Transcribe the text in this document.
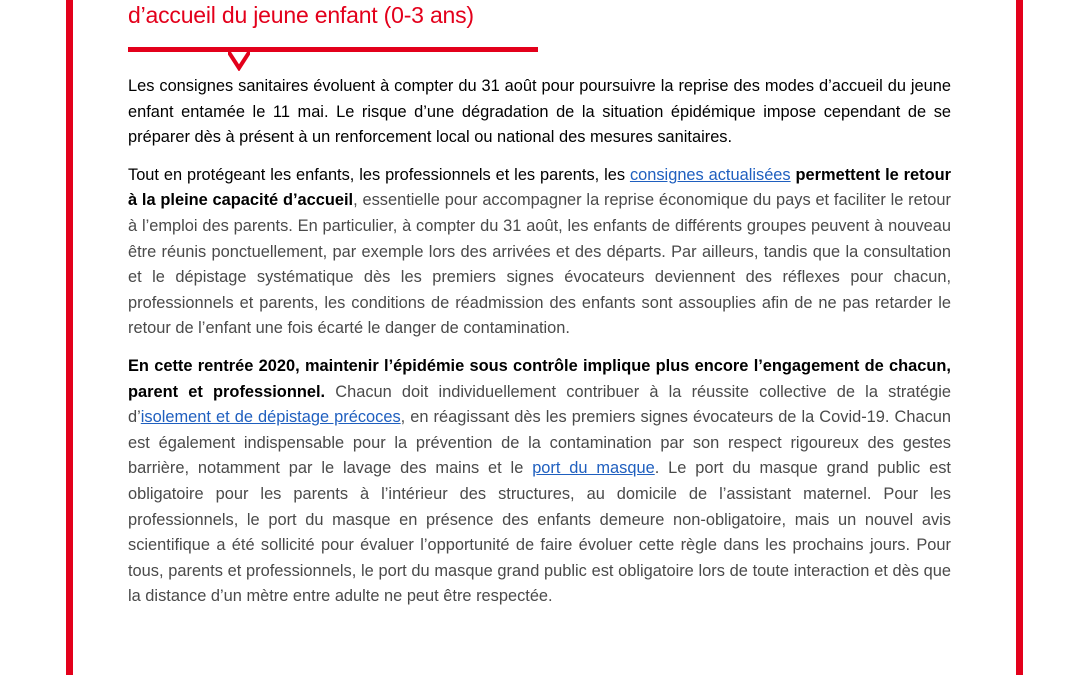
d’accueil du jeune enfant (0-3 ans)

Les consignes sanitaires évoluent à compter du 31 août pour poursuivre la reprise des modes d’accueil du jeune enfant entamée le 11 mai. Le risque d’une dégradation de la situation épidémique impose cependant de se préparer dès à présent à un renforcement local ou national des mesures sanitaires.

Tout en protégeant les enfants, les professionnels et les parents, les consignes actualisées permettent le retour à la pleine capacité d’accueil, essentielle pour accompagner la reprise économique du pays et faciliter le retour à l’emploi des parents. En particulier, à compter du 31 août, les enfants de différents groupes peuvent à nouveau être réunis ponctuellement, par exemple lors des arrivées et des départs. Par ailleurs, tandis que la consultation et le dépistage systématique dès les premiers signes évocateurs deviennent des réflexes pour chacun, professionnels et parents, les conditions de réadmission des enfants sont assouplies afin de ne pas retarder le retour de l’enfant une fois écarté le danger de contamination.

En cette rentrée 2020, maintenir l’épidémie sous contrôle implique plus encore l’engagement de chacun, parent et professionnel. Chacun doit individuellement contribuer à la réussite collective de la stratégie d’isolement et de dépistage précoces, en réagissant dès les premiers signes évocateurs de la Covid-19. Chacun est également indispensable pour la prévention de la contamination par son respect rigoureux des gestes barrière, notamment par le lavage des mains et le port du masque. Le port du masque grand public est obligatoire pour les parents à l’intérieur des structures, au domicile de l’assistant maternel. Pour les professionnels, le port du masque en présence des enfants demeure non-obligatoire, mais un nouvel avis scientifique a été sollicité pour évaluer l’opportunité de faire évoluer cette règle dans les prochains jours. Pour tous, parents et professionnels, le port du masque grand public est obligatoire lors de toute interaction et dès que la distance d’un mètre entre adulte ne peut être respectée.
